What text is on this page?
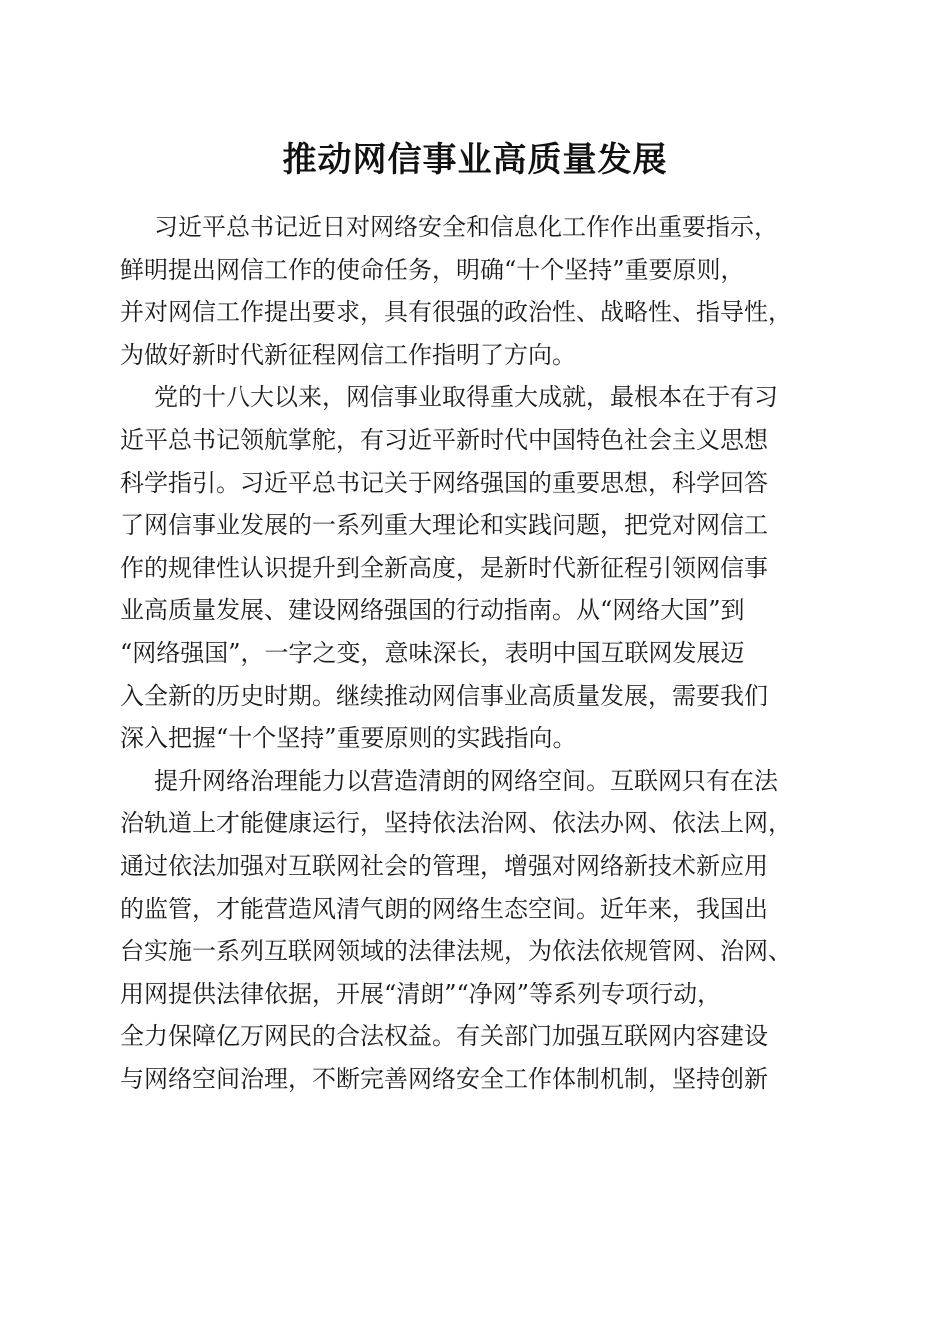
推动网信事业高质量发展

习近平总书记近日对网络安全和信息化工作作出重要指示，
鲜明提出网信工作的使命任务，明确“十个坚持”重要原则，
并对网信工作提出要求，具有很强的政治性、战略性、指导性，
为做好新时代新征程网信工作指明了方向。

党的十八大以来，网信事业取得重大成就，最根本在于有习
近平总书记领航掌舵，有习近平新时代中国特色社会主义思想
科学指引。习近平总书记关于网络强国的重要思想，科学回答
了网信事业发展的一系列重大理论和实践问题，把党对网信工
作的规律性认识提升到全新高度，是新时代新征程引领网信事
业高质量发展、建设网络强国的行动指南。从“网络大国”到
“网络强国”，一字之变，意味深长，表明中国互联网发展迈
入全新的历史时期。继续推动网信事业高质量发展，需要我们
深入把握“十个坚持”重要原则的实践指向。

提升网络治理能力以营造清朗的网络空间。互联网只有在法
治轨道上才能健康运行，坚持依法治网、依法办网、依法上网，
通过依法加强对互联网社会的管理，增强对网络新技术新应用
的监管，才能营造风清气朗的网络生态空间。近年来，我国出
台实施一系列互联网领域的法律法规，为依法依规管网、治网、
用网提供法律依据，开展“清朗”“净网”等系列专项行动，
全力保障亿万网民的合法权益。有关部门加强互联网内容建设
与网络空间治理，不断完善网络安全工作体制机制，坚持创新
